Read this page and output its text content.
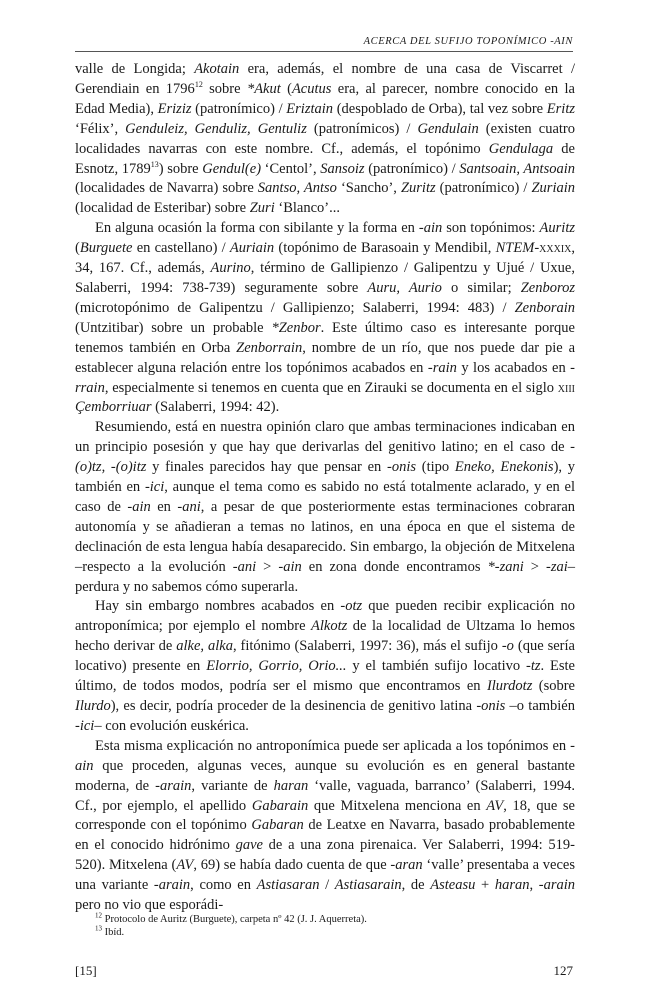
ACERCA DEL SUFIJO TOPONÍMICO -AIN

valle de Longida; Akotain era, además, el nombre de una casa de Viscarret / Gerendiain en 1796$^{12}$ sobre *Akut (Acutus era, al parecer, nombre conocido en la Edad Media), Eriziz (patronímico) / Eriztain (despoblado de Orba), tal vez sobre Eritz ‘Félix’, Genduleiz, Genduliz, Gentuliz (patronímicos) / Gendulain (existen cuatro localidades navarras con este nombre. Cf., además, el topónimo Gendulaga de Esnotz, 1789$^{13}$) sobre Gendul(e) ‘Centol’, Sansoiz (patronímico) / Santsoain, Antsoain (localidades de Navarra) sobre Santso, Antso ‘Sancho’, Zuritz (patronímico) / Zuriain (localidad de Esteribar) sobre Zuri ‘Blanco’...

En alguna ocasión la forma con sibilante y la forma en -ain son topónimos: Auritz (Burguete en castellano) / Auriain (topónimo de Barasoain y Mendibil, NTEM-xxxix, 34, 167. Cf., además, Aurino, término de Gallipienzo / Galipentzu y Ujué / Uxue, Salaberri, 1994: 738-739) seguramente sobre Auru, Aurio o similar; Zenboroz (microtopónimo de Galipentzu / Gallipienzo; Salaberri, 1994: 483) / Zenborain (Untzitibar) sobre un probable *Zenbor. Este último caso es interesante porque tenemos también en Orba Zenborrain, nombre de un río, que nos puede dar pie a establecer alguna relación entre los topónimos acabados en -rain y los acabados en -rrain, especialmente si tenemos en cuenta que en Zirauki se documenta en el siglo xiii Çemborriuar (Salaberri, 1994: 42).

Resumiendo, está en nuestra opinión claro que ambas terminaciones indicaban en un principio posesión y que hay que derivarlas del genitivo latino; en el caso de -(o)tz, -(o)itz y finales parecidos hay que pensar en -onis (tipo Eneko, Enekonis), y también en -ici, aunque el tema como es sabido no está totalmente aclarado, y en el caso de -ain en -ani, a pesar de que posteriormente estas terminaciones cobraran autonomía y se añadieran a temas no latinos, en una época en que el sistema de declinación de esta lengua había desaparecido. Sin embargo, la objeción de Mitxelena –respecto a la evolución -ani > -ain en zona donde encontramos *-zani > -zai– perdura y no sabemos cómo superarla.

Hay sin embargo nombres acabados en -otz que pueden recibir explicación no antroponímica; por ejemplo el nombre Alkotz de la localidad de Ultzama lo hemos hecho derivar de alke, alka, fitónimo (Salaberri, 1997: 36), más el sufijo -o (que sería locativo) presente en Elorrio, Gorrio, Orio... y el también sufijo locativo -tz. Este último, de todos modos, podría ser el mismo que encontramos en Ilurdotz (sobre Ilurdo), es decir, podría proceder de la desinencia de genitivo latina -onis –o también -ici– con evolución euskérica.

Esta misma explicación no antroponímica puede ser aplicada a los topónimos en -ain que proceden, algunas veces, aunque su evolución es en general bastante moderna, de -arain, variante de haran ‘valle, vaguada, barranco’ (Salaberri, 1994. Cf., por ejemplo, el apellido Gabarain que Mitxelena menciona en AV, 18, que se corresponde con el topónimo Gabaran de Leatxe en Navarra, basado probablemente en el conocido hidrónimo gave de a una zona pirenaica. Ver Salaberri, 1994: 519-520). Mitxelena (AV, 69) se había dado cuenta de que -aran ‘valle’ presentaba a veces una variante -arain, como en Astiasaran / Astiasarain, de Asteasu + haran, -arain pero no vio que esporádi-

$^{12}$ Protocolo de Auritz (Burguete), carpeta nº 42 (J. J. Aquerreta).
$^{13}$ Ibíd.
[15]	127
